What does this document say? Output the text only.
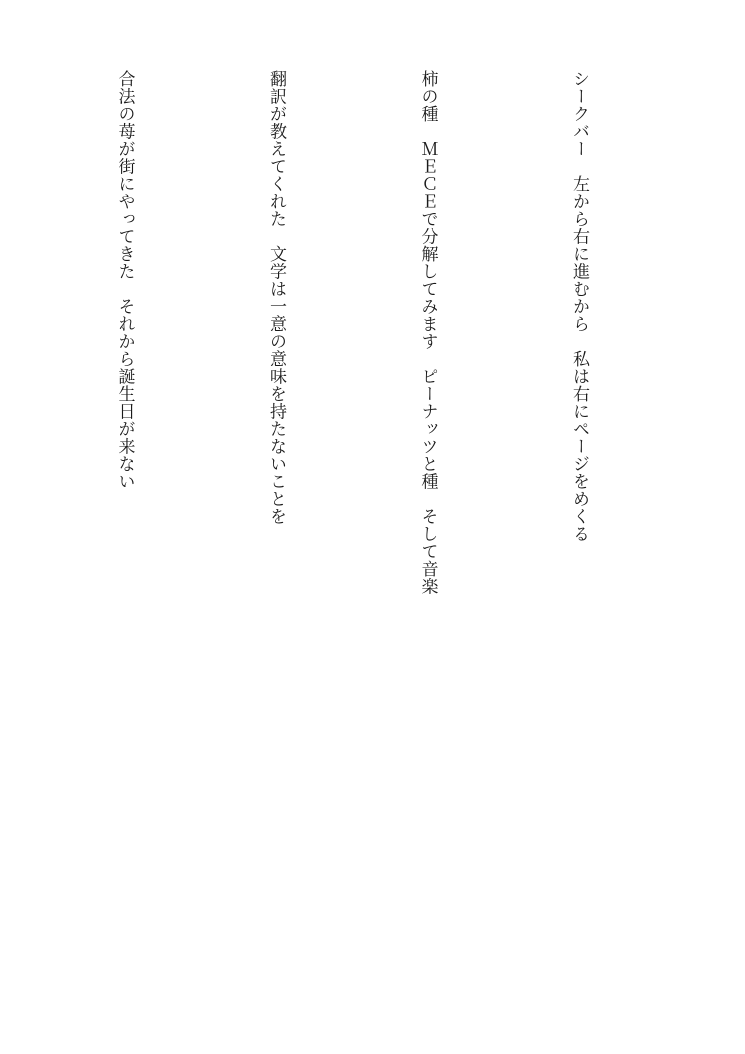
シークバー　左から右に進むから　私は右にページをめくる

柿の種　ＭＥＣＥで分解してみます　ピーナッツと種　そして音楽

翻訳が教えてくれた　文学は一意の意味を持たないことを

合法の苺が街にやってきた　それから誕生日が来ない
